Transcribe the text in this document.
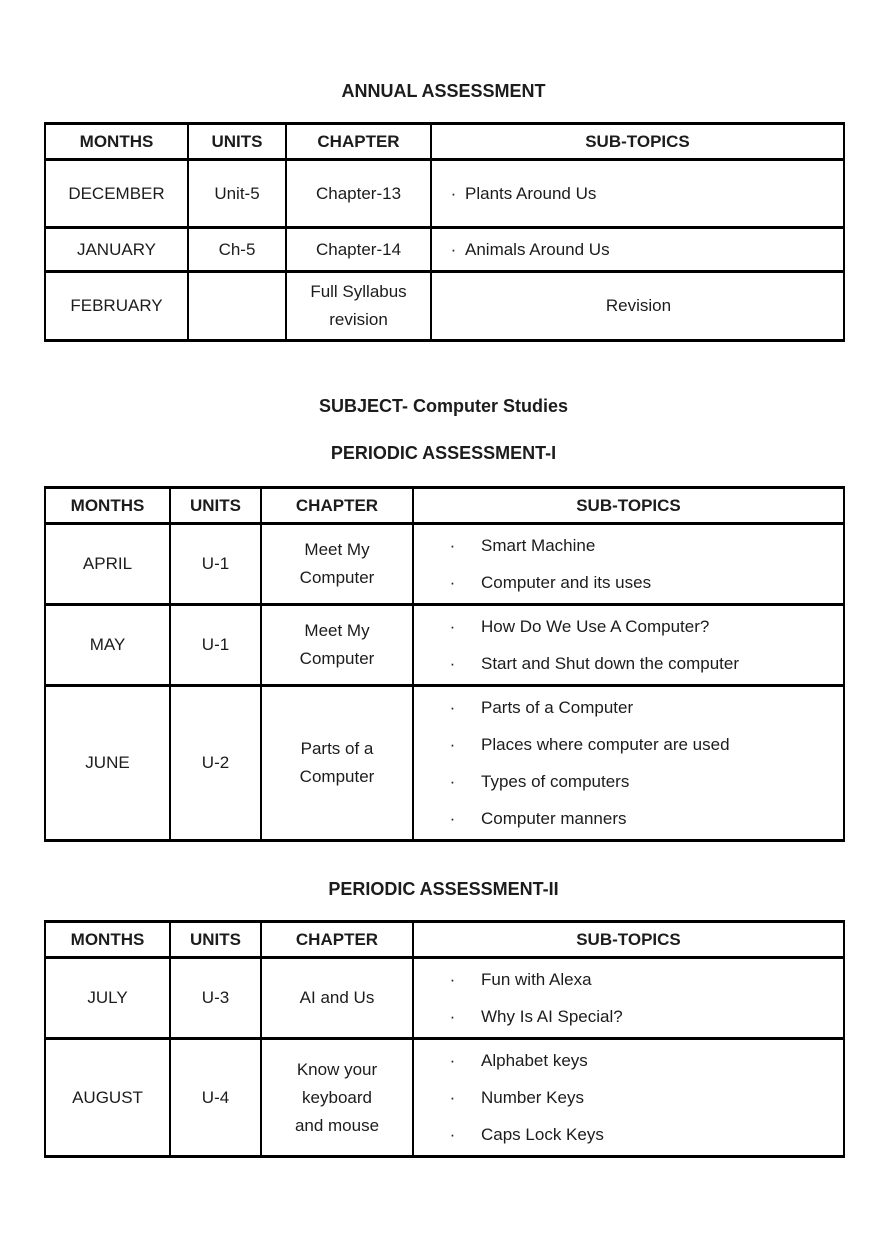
ANNUAL ASSESSMENT
MONTHS	UNITS	CHAPTER	SUB-TOPICS
DECEMBER	Unit-5	Chapter-13	· Plants Around Us

JANUARY	Ch-5	Chapter-14	· Animals Around Us

FEBRUARY		Full Syllabus revision	Revision
SUBJECT- Computer Studies
PERIODIC ASSESSMENT-I
MONTHS	UNITS	CHAPTER	SUB-TOPICS
APRIL	U-1	Meet My Computer	· Smart Machine
· Computer and its uses

MAY	U-1	Meet My Computer	· How Do We Use A Computer?
· Start and Shut down the computer

JUNE	U-2	Parts of a Computer	
·	Parts of a Computer
·	Places where computer are used
·	Types of computers
·	Computer manners
PERIODIC ASSESSMENT-II
MONTHS	UNITS	CHAPTER	SUB-TOPICS
JULY	U-3	AI and Us	· Fun with Alexa
· Why Is AI Special?

AUGUST	U-4	Know your keyboard and mouse	
·	Alphabet keys
·	Number Keys
·	Caps Lock Keys
